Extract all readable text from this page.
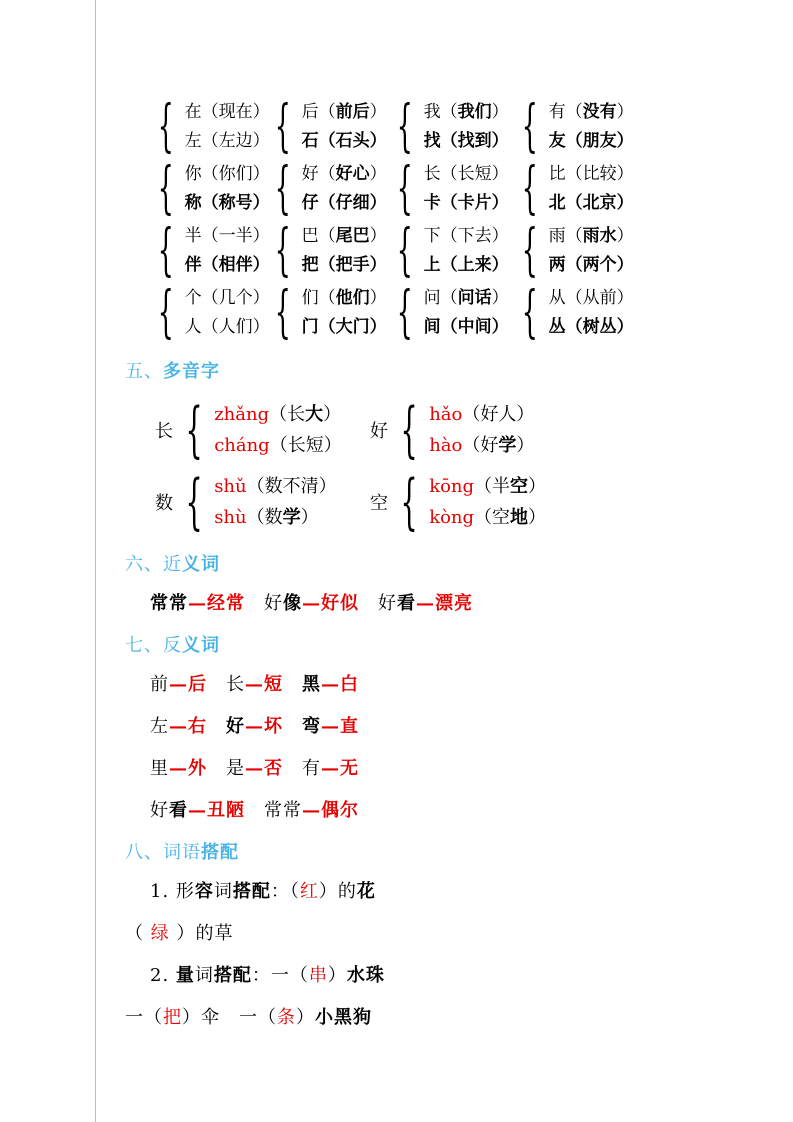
{ 在（现在）
左（左边） { 后（前后）
石（石头） { 我（我们）
找（找到） { 有（没有）
友（朋友）
{ 你（你们）
称（称号） { 好（好心）
仔（仔细） { 长（长短）
卡（卡片） { 比（比较）
北（北京）
{ 半（一半）
伴（相伴） { 巴（尾巴）
把（把手） { 下（下去）
上（上来） { 雨（雨水）
两（两个）
{ 个（几个）
人（人们） { 们（他们）
门（大门） { 问（问话）
间（中间） { 从（从前）
丛（树丛）
五、多音字
长 { zhǎng（长大）
cháng（长短）
好 { hǎo（好人）
hào（好学）
数 { shǔ（数不清）
shù（数学）
空 { kōng（半空）
kòng（空地）
六、近义词
常常—经常　 好像—好似　 好看—漂亮
七、反义词
前—后　 长—短　 黑—白
左—右　 好—坏　 弯—直
里—外　 是—否　 有—无
好看—丑陋　 常常—偶尔
八、词语搭配
1. 形容词搭配：（红）的花
（ 绿 ）的草
2. 量词搭配：一（串）水珠
一（把）伞　 一（条）小黑狗
